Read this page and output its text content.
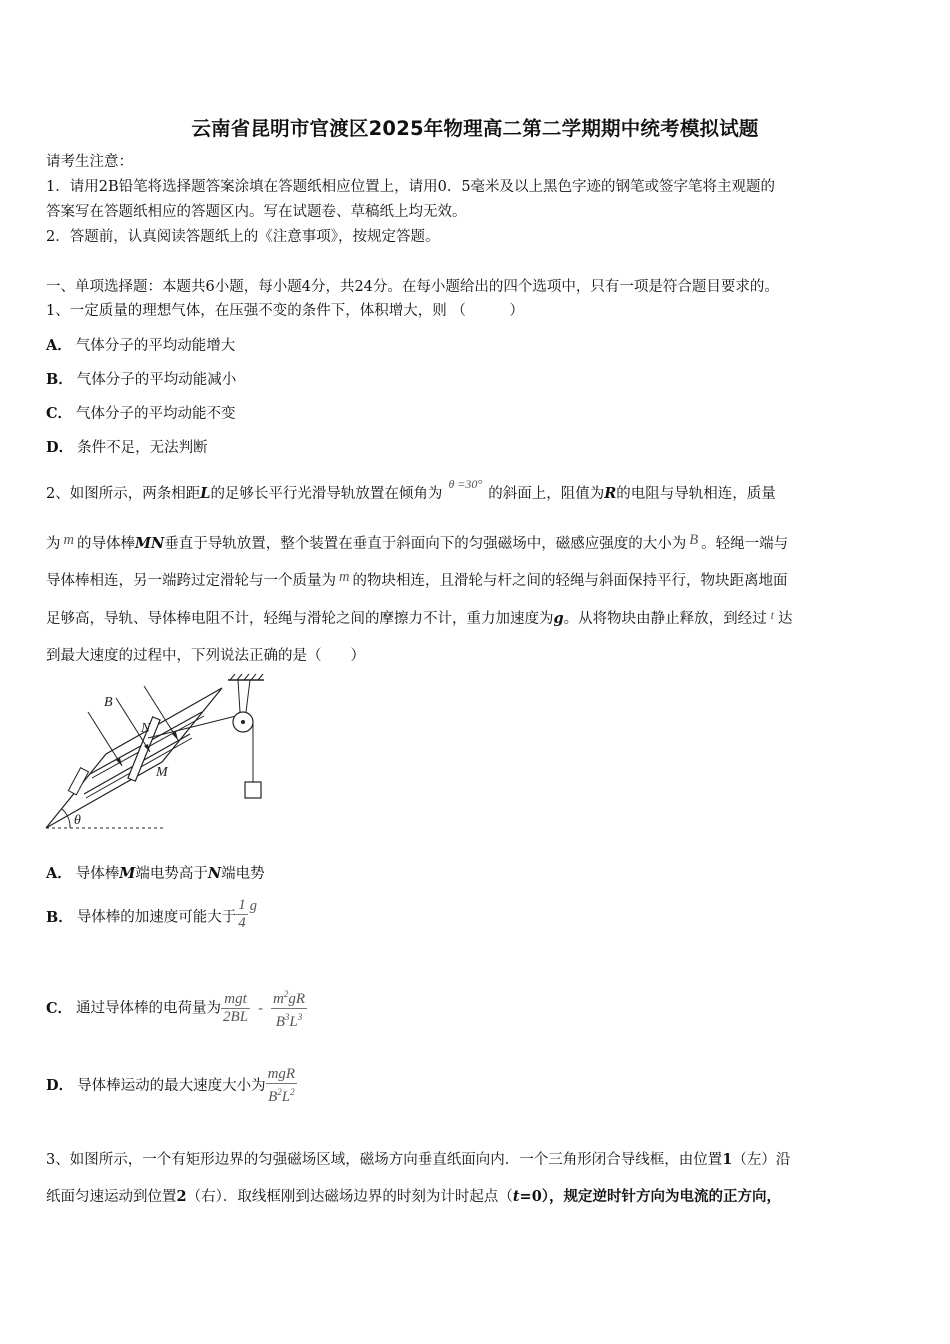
云南省昆明市官渡区2025年物理高二第二学期期中统考模拟试题
请考生注意：
1．请用2B铅笔将选择题答案涂填在答题纸相应位置上，请用0．5毫米及以上黑色字迹的钢笔或签字笔将主观题的
答案写在答题纸相应的答题区内。写在试题卷、草稿纸上均无效。
2．答题前，认真阅读答题纸上的《注意事项》，按规定答题。
一、单项选择题：本题共6小题，每小题4分，共24分。在每小题给出的四个选项中，只有一项是符合题目要求的。
1、一定质量的理想气体，在压强不变的条件下，体积增大，则 （　　　）
A． 气体分子的平均动能增大
B． 气体分子的平均动能减小
C． 气体分子的平均动能不变
D． 条件不足，无法判断
2、如图所示，两条相距L的足够长平行光滑导轨放置在倾角为$^{\theta =30^\circ}$的斜面上，阻值为R的电阻与导轨相连，质量
为 m 的导体棒MN垂直于导轨放置，整个装置在垂直于斜面向下的匀强磁场中，磁感应强度的大小为 B 。轻绳一端与
导体棒相连，另一端跨过定滑轮与一个质量为 m 的物块相连，且滑轮与杆之间的轻绳与斜面保持平行，物块距离地面
足够高，导轨、导体棒电阻不计，轻绳与滑轮之间的摩擦力不计，重力加速度为g。从将物块由静止释放，到经过 $^t$ 达
到最大速度的过程中，下列说法正确的是（　　）
θ
N
M
B
A． 导体棒M端电势高于N端电势
B． 导体棒的加速度可能大于 $\frac{1}{4}$ g
C． 通过导体棒的电荷量为 $\frac{\text{mgt}}{2BL} - \frac{m^2gR}{B^3L^3}$
D． 导体棒运动的最大速度大小为 $\frac{\text{mgR}}{B^2L^2}$
3、如图所示，一个有矩形边界的匀强磁场区域，磁场方向垂直纸面向内．一个三角形闭合导线框，由位置1（左）沿
纸面匀速运动到位置2（右）．取线框刚到达磁场边界的时刻为计时起点（t=0），规定逆时针方向为电流的正方向，
